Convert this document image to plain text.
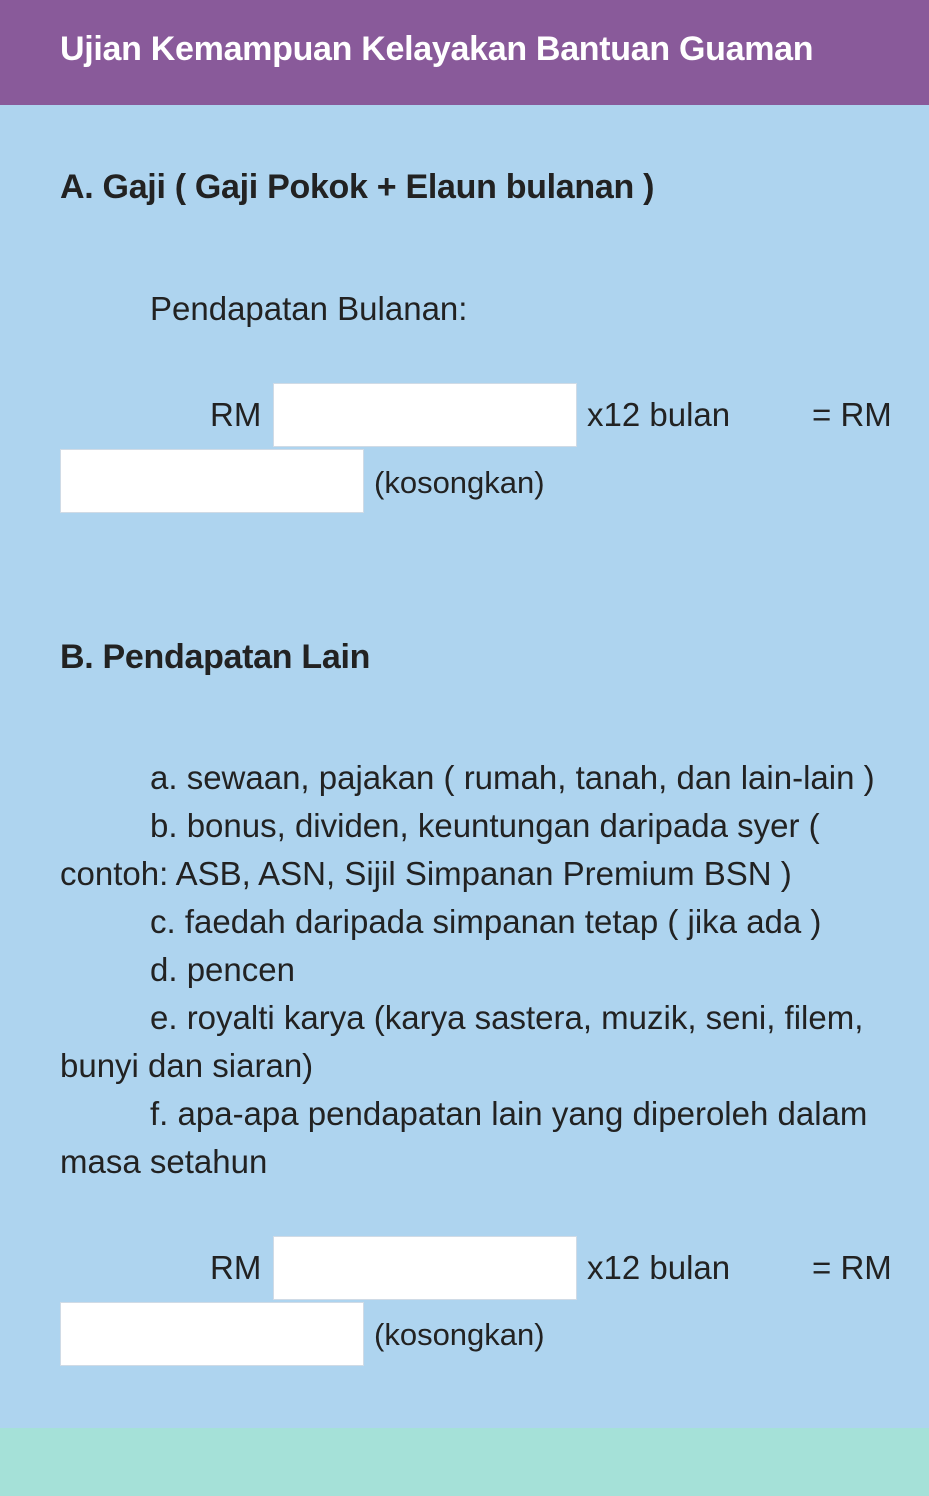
Ujian Kemampuan Kelayakan Bantuan Guaman
A. Gaji ( Gaji Pokok + Elaun bulanan )
Pendapatan Bulanan:
RM	x12 bulan = RM
(kosongkan)
B. Pendapatan Lain
a. sewaan, pajakan ( rumah, tanah, dan lain-lain )
b. bonus, dividen, keuntungan daripada syer (
contoh: ASB, ASN, Sijil Simpanan Premium BSN )
c. faedah daripada simpanan tetap ( jika ada )
d. pencen
e. royalti karya (karya sastera, muzik, seni, filem,
bunyi dan siaran)
f. apa-apa pendapatan lain yang diperoleh dalam
masa setahun
RM	x12 bulan = RM
(kosongkan)
